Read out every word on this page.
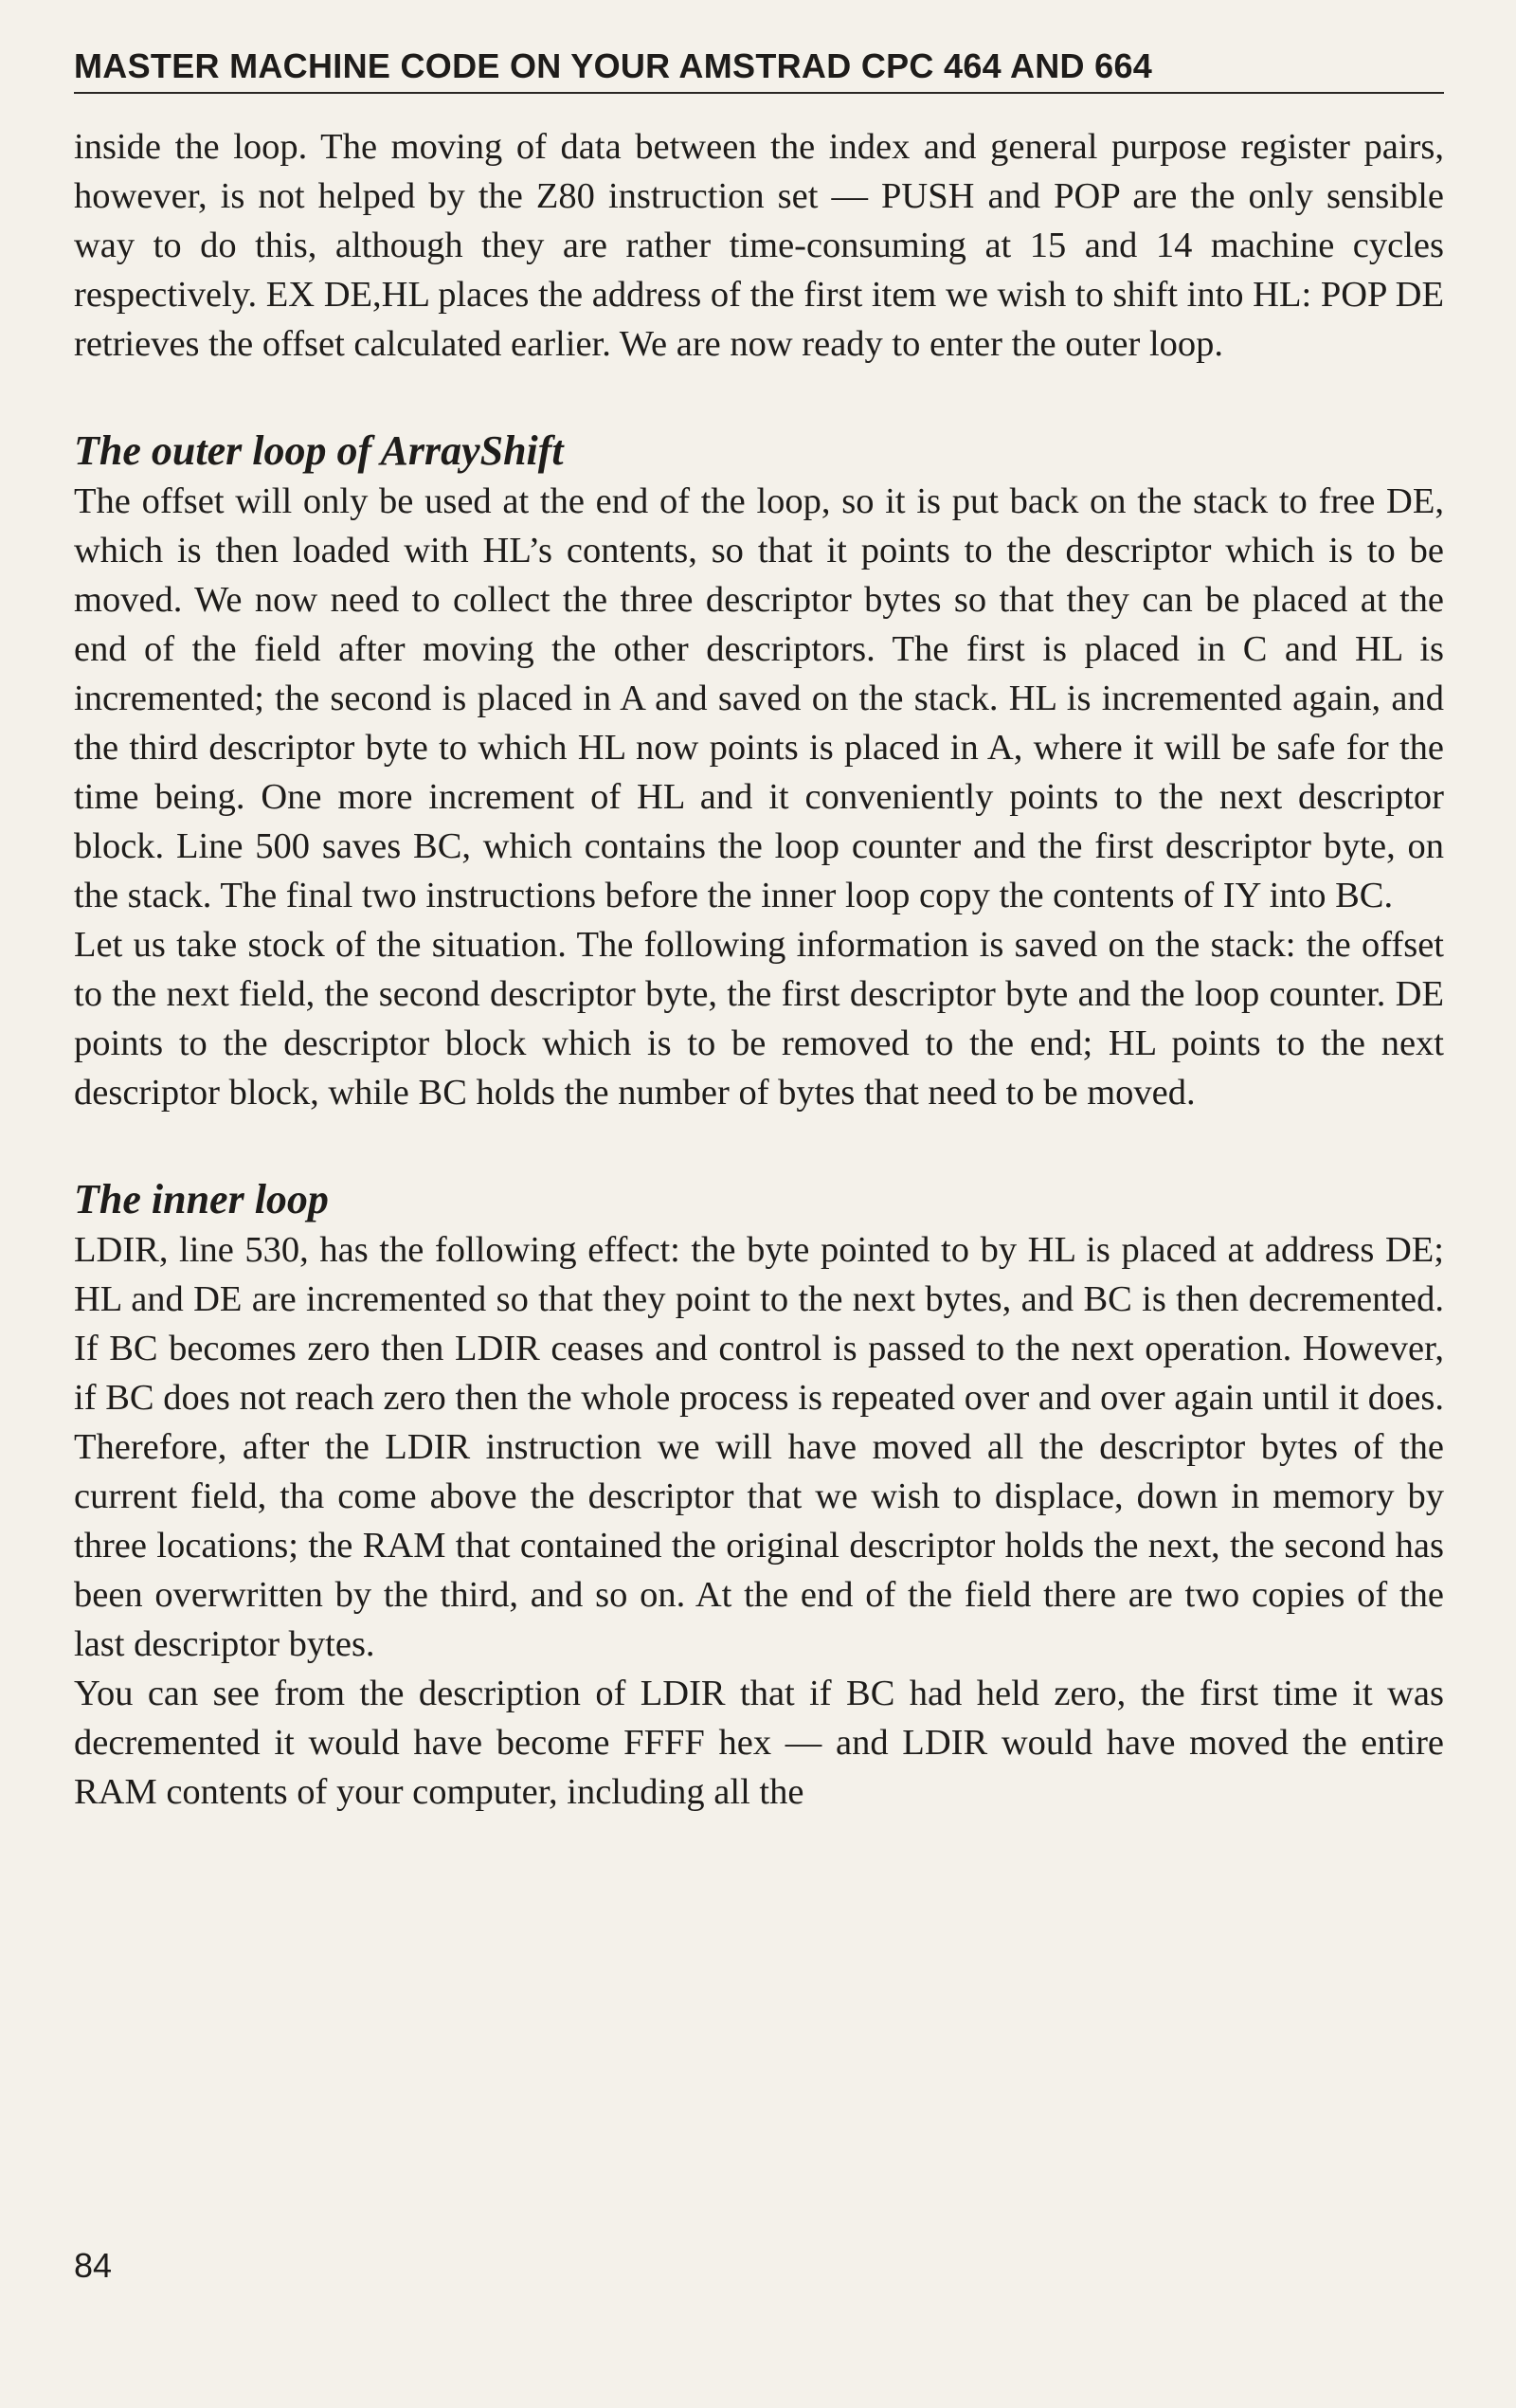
MASTER MACHINE CODE ON YOUR AMSTRAD CPC 464 AND 664

inside the loop. The moving of data between the index and general purpose register pairs, however, is not helped by the Z80 instruction set — PUSH and POP are the only sensible way to do this, although they are rather time-consuming at 15 and 14 machine cycles respectively. EX DE,HL places the address of the first item we wish to shift into HL: POP DE retrieves the offset calculated earlier. We are now ready to enter the outer loop.

The outer loop of ArrayShift

The offset will only be used at the end of the loop, so it is put back on the stack to free DE, which is then loaded with HL’s contents, so that it points to the descriptor which is to be moved. We now need to collect the three descriptor bytes so that they can be placed at the end of the field after moving the other descriptors. The first is placed in C and HL is incremented; the second is placed in A and saved on the stack. HL is incremented again, and the third descriptor byte to which HL now points is placed in A, where it will be safe for the time being. One more increment of HL and it conveniently points to the next descriptor block. Line 500 saves BC, which contains the loop counter and the first descriptor byte, on the stack. The final two instructions before the inner loop copy the contents of IY into BC.

Let us take stock of the situation. The following information is saved on the stack: the offset to the next field, the second descriptor byte, the first descriptor byte and the loop counter. DE points to the descriptor block which is to be removed to the end; HL points to the next descriptor block, while BC holds the number of bytes that need to be moved.

The inner loop

LDIR, line 530, has the following effect: the byte pointed to by HL is placed at address DE; HL and DE are incremented so that they point to the next bytes, and BC is then decremented. If BC becomes zero then LDIR ceases and control is passed to the next operation. However, if BC does not reach zero then the whole process is repeated over and over again until it does. Therefore, after the LDIR instruction we will have moved all the descriptor bytes of the current field, tha come above the descriptor that we wish to displace, down in memory by three locations; the RAM that contained the original descriptor holds the next, the second has been overwritten by the third, and so on. At the end of the field there are two copies of the last descriptor bytes.

You can see from the description of LDIR that if BC had held zero, the first time it was decremented it would have become FFFF hex — and LDIR would have moved the entire RAM contents of your computer, including all the

84
